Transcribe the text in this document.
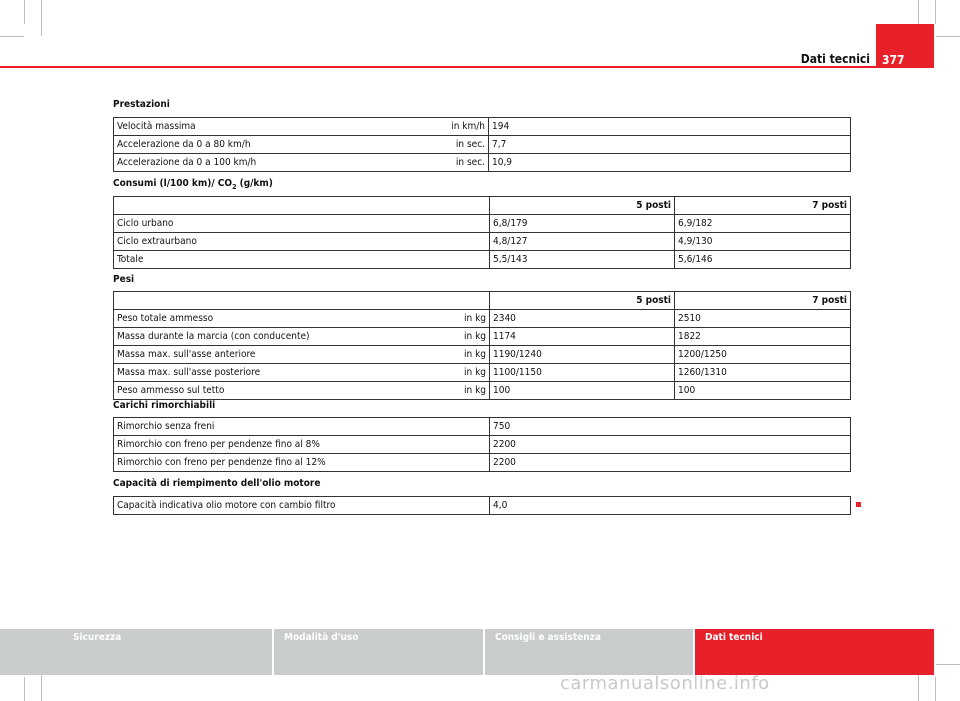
Dati tecnici	377
Prestazioni
Velocità massima	in km/h	194
Accelerazione da 0 a 80 km/h	in sec.	7,7
Accelerazione da 0 a 100 km/h	in sec.	10,9
Consumi (l/100 km)/ $CO_2$ (g/km)
	5 posti	7 posti
Ciclo urbano	6,8/179	6,9/182
Ciclo extraurbano	4,8/127	4,9/130
Totale	5,5/143	5,6/146
Pesi
		5 posti	7 posti
Peso totale ammesso	in kg	2340	2510
Massa durante la marcia (con conducente)	in kg	1174	1822
Massa max. sull'asse anteriore	in kg	1190/1240	1200/1250
Massa max. sull'asse posteriore	in kg	1100/1150	1260/1310
Peso ammesso sul tetto	in kg	100	100
Carichi rimorchiabili
Rimorchio senza freni	750
Rimorchio con freno per pendenze fino al 8%	2200
Rimorchio con freno per pendenze fino al 12%	2200
Capacità di riempimento dell'olio motore
Capacità indicativa olio motore con cambio filtro	4,0
Sicurezza	Modalità d'uso	Consigli e assistenza	Dati tecnici
carmanualsonline.info
